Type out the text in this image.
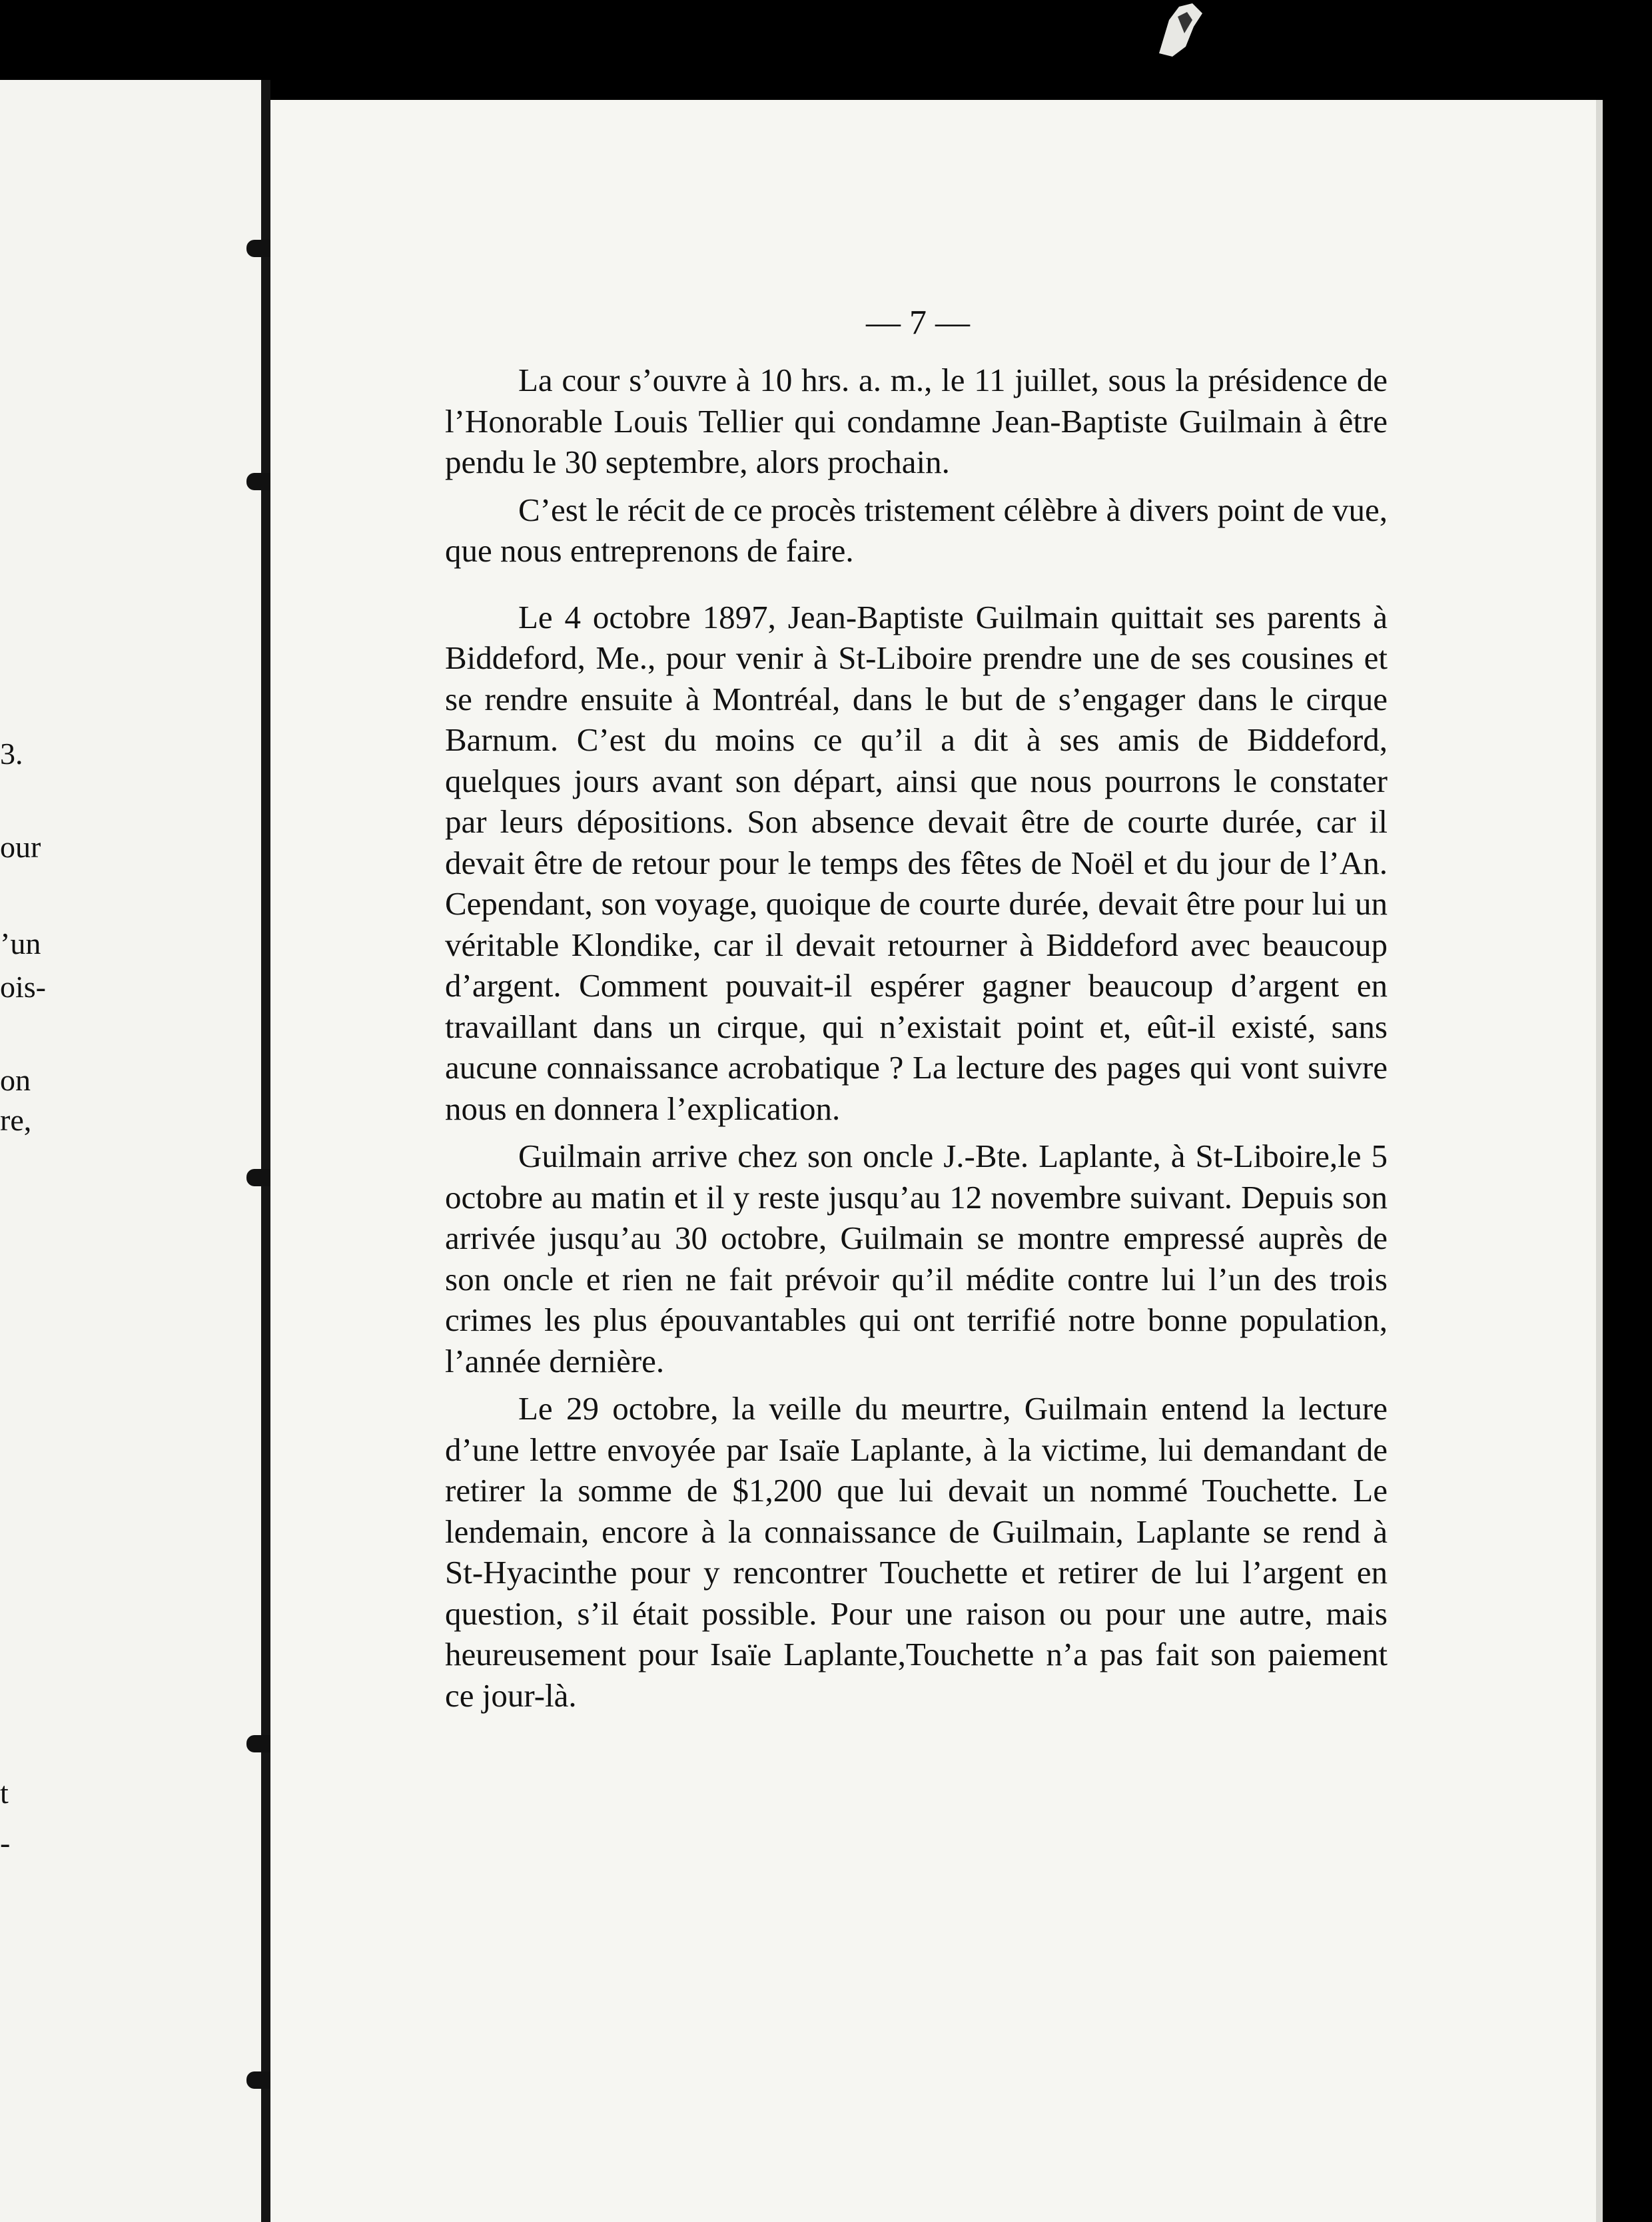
3.
our
’un
ois-
on
re,
t
-
— 7 —

La cour s’ouvre à 10 hrs. a. m., le 11 juillet, sous la présidence de l’Honorable Louis Tellier qui condamne Jean-Baptiste Guilmain à être pendu le 30 septembre, alors prochain.

C’est le récit de ce procès tristement célèbre à divers point de vue, que nous entreprenons de faire.

Le 4 octobre 1897, Jean-Baptiste Guilmain quittait ses parents à Biddeford, Me., pour venir à St-Liboire prendre une de ses cousines et se rendre ensuite à Montréal, dans le but de s’engager dans le cirque Barnum. C’est du moins ce qu’il a dit à ses amis de Biddeford, quelques jours avant son départ, ainsi que nous pourrons le constater par leurs dépositions. Son absence devait être de courte durée, car il devait être de retour pour le temps des fêtes de Noël et du jour de l’An. Cependant, son voyage, quoique de courte durée, devait être pour lui un véritable Klondike, car il devait retourner à Biddeford avec beaucoup d’argent. Comment pouvait-il espérer gagner beaucoup d’argent en travaillant dans un cirque, qui n’existait point et, eût-il existé, sans aucune connaissance acrobatique ? La lecture des pages qui vont suivre nous en donnera l’explication.

Guilmain arrive chez son oncle J.-Bte. Laplante, à St-Liboire,le 5 octobre au matin et il y reste jusqu’au 12 novembre suivant. Depuis son arrivée jusqu’au 30 octobre, Guilmain se montre empressé auprès de son oncle et rien ne fait prévoir qu’il médite contre lui l’un des trois crimes les plus épouvantables qui ont terrifié notre bonne population, l’année dernière.

Le 29 octobre, la veille du meurtre, Guilmain entend la lecture d’une lettre envoyée par Isaïe Laplante, à la victime, lui demandant de retirer la somme de $1,200 que lui devait un nommé Touchette. Le lendemain, encore à la connaissance de Guilmain, Laplante se rend à St-Hyacinthe pour y rencontrer Touchette et retirer de lui l’argent en question, s’il était possible. Pour une raison ou pour une autre, mais heureusement pour Isaïe Laplante,Touchette n’a pas fait son paiement ce jour-là.
